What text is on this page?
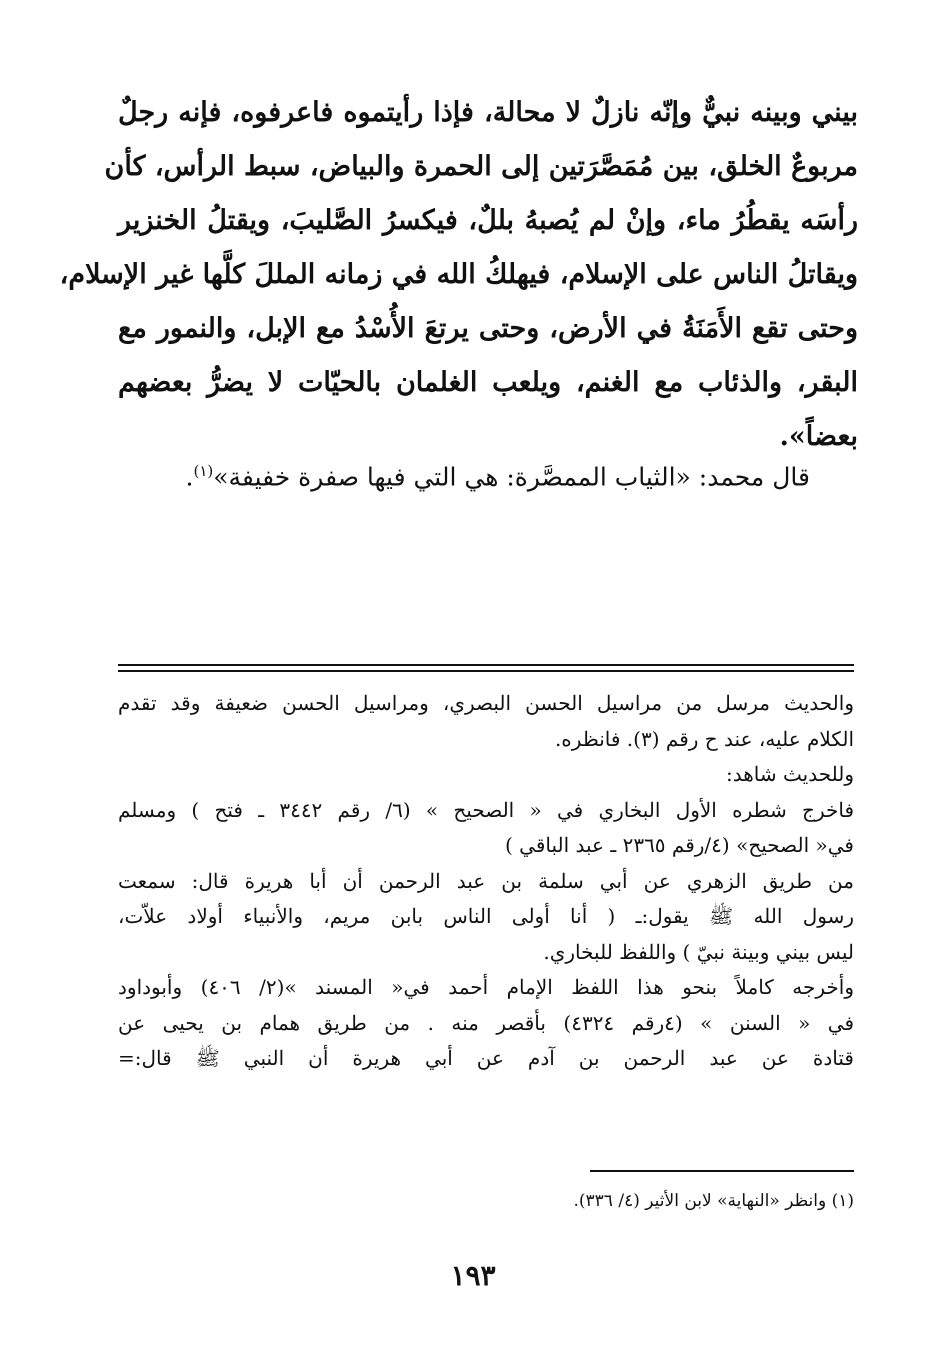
بيني وبينه نبيٌّ وإنّه نازلٌ لا محالة، فإذا رأيتموه فاعرفوه، فإنه رجلٌ
مربوعٌ الخلق، بين مُمَصَّرَتين إلى الحمرة والبياض، سبط الرأس، كأن
رأسَه يقطُرُ ماء، وإنْ لم يُصبهُ بللٌ، فيكسرُ الصَّليبَ، ويقتلُ الخنزير
ويقاتلُ الناس على الإسلام، فيهلكُ الله في زمانه المللَ كلَّها غير الإسلام،
وحتى تقع الأَمَنَةُ في الأرض، وحتى يرتعَ الأُسْدُ مع الإبل، والنمور مع
البقر، والذئاب مع الغنم، ويلعب الغلمان بالحيّات لا يضرُّ بعضهم
بعضاً».
قال محمد: «الثياب الممصَّرة: هي التي فيها صفرة خفيفة»$^{(١)}$.
والحديث مرسل من مراسيل الحسن البصري، ومراسيل الحسن ضعيفة وقد تقدم
الكلام عليه، عند ح رقم (٣). فانظره.
وللحديث شاهد:
فاخرج شطره الأول البخاري في « الصحيح » (٦/ رقم ٣٤٤٢ ـ فتح ) ومسلم
في« الصحيح» (٤/رقم ٢٣٦٥ ـ عبد الباقي )
من طريق الزهري عن أبي سلمة بن عبد الرحمن أن أبا هريرة قال: سمعت
رسول الله ﷺ يقول:ـ ( أنا أولى الناس بابن مريم، والأنبياء أولاد علاّت،
ليس بيني وبينة نبيّ ) واللفظ للبخاري.
وأخرجه كاملاً بنحو هذا اللفظ الإمام أحمد في« المسند »(٢/ ٤٠٦) وأبوداود
في « السنن » (٤رقم ٤٣٢٤) بأقصر منه . من طريق همام بن يحيى عن
قتادة عن عبد الرحمن بن آدم عن أبي هريرة أن النبي ﷺ قال:=
(١) وانظر «النهاية» لابن الأثير (٤/ ٣٣٦).
١٩٣
